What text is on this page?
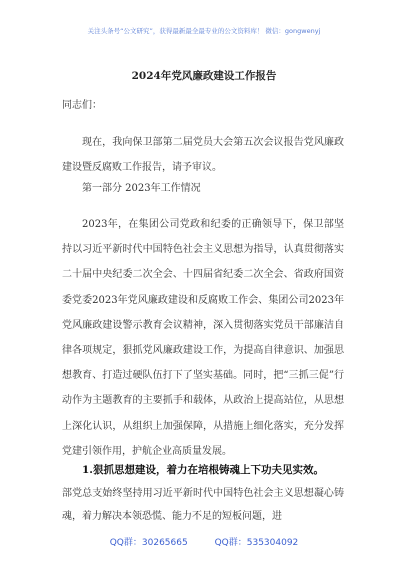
关注头条号“公文研究”，获得最新最全最专业的公文资料库！ 微信：gongwenyj
2024年党风廉政建设工作报告

同志们：

现在，我向保卫部第二届党员大会第五次会议报告党风廉政建设暨反腐败工作报告，请予审议。

第一部分 2023年工作情况

2023年，在集团公司党政和纪委的正确领导下，保卫部坚持以习近平新时代中国特色社会主义思想为指导，认真贯彻落实二十届中央纪委二次全会、十四届省纪委二次全会、省政府国资委党委2023年党风廉政建设和反腐败工作会、集团公司2023年党风廉政建设警示教育会议精神，深入贯彻落实党员干部廉洁自律各项规定，狠抓党风廉政建设工作，为提高自律意识、加强思想教育、打造过硬队伍打下了坚实基础。同时，把“三抓三促”行动作为主题教育的主要抓手和载体，从政治上提高站位，从思想上深化认识，从组织上加强保障，从措施上细化落实，充分发挥党建引领作用，护航企业高质量发展。

1.狠抓思想建设，着力在培根铸魂上下功夫见实效。

部党总支始终坚持用习近平新时代中国特色社会主义思想凝心铸魂，着力解决本领恐慌、能力不足的短板问题，进

QQ群：30265665	QQ群：535304092
